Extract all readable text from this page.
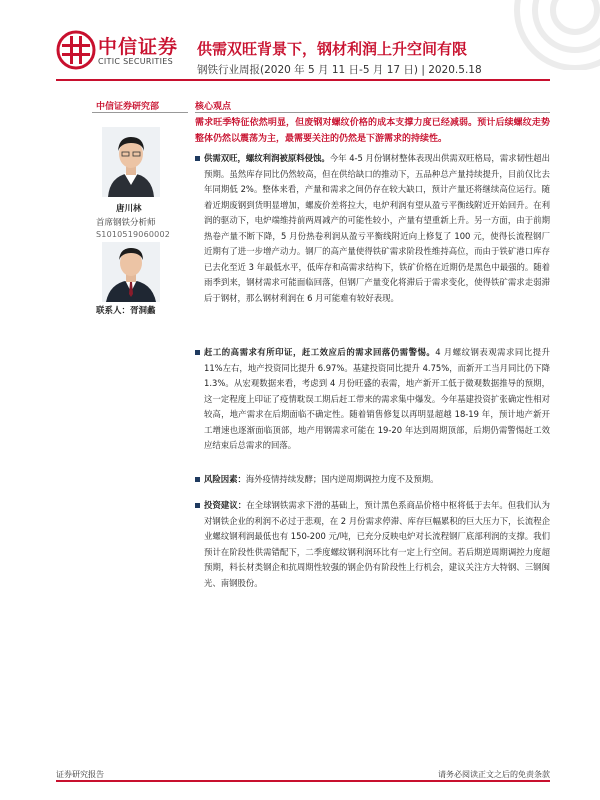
中信证券
CITIC SECURITIES
供需双旺背景下，钢材利润上升空间有限
钢铁行业周报(2020 年 5 月 11 日-5 月 17 日) | 2020.5.18
中信证券研究部
唐川林
首席钢铁分析师
S1010519060002
联系人：胥洞蠡
核心观点
需求旺季特征依然明显，但废钢对螺纹价格的成本支撑力度已经减弱。预计后续螺纹走势整体仍然以震荡为主，最需要关注的仍然是下游需求的持续性。
供需双旺，螺纹利润被原料侵蚀。今年 4-5 月份钢材整体表现出供需双旺格局，需求韧性超出预期。虽然库存同比仍然较高，但在供给缺口的推动下，五品种总产量持续提升，目前仅比去年同期低 2%。整体来看，产量和需求之间仍存在较大缺口，预计产量还将继续高位运行。随着近期废钢到货明显增加，螺废价差将拉大，电炉利润有望从盈亏平衡线附近开始回升。在利润的驱动下，电炉端维持前两周减产的可能性较小，产量有望重新上升。另一方面，由于前期热卷产量不断下降，5 月份热卷利润从盈亏平衡线附近向上修复了 100 元，使得长流程钢厂近期有了进一步增产动力。钢厂的高产量使得铁矿需求阶段性维持高位，而由于铁矿港口库存已去化至近 3 年最低水平，低库存和高需求结构下，铁矿价格在近期仍是黑色中最强的。随着雨季到来，钢材需求可能面临回落，但钢厂产量变化将滞后于需求变化，使得铁矿需求走弱滞后于钢材，那么钢材利润在 6 月可能难有较好表现。
赶工的高需求有所印证，赶工效应后的需求回落仍需警惕。4 月螺纹钢表观需求同比提升 11%左右，地产投资同比提升 6.97%。基建投资同比提升 4.75%，而新开工当月同比仍下降 1.3%。从宏观数据来看，考虑到 4 月份旺盛的表需，地产新开工低于微观数据推导的预期，这一定程度上印证了疫情耽误工期后赶工带来的需求集中爆发。今年基建投资扩张确定性相对较高，地产需求在后期面临不确定性。随着销售修复以再明显超越 18-19 年，预计地产新开工增速也逐渐面临顶部，地产用钢需求可能在 19-20 年达到周期顶部，后期仍需警惕赶工效应结束后总需求的回落。
风险因素：海外疫情持续发酵；国内逆周期调控力度不及预期。
投资建议：在全球钢铁需求下滑的基础上，预计黑色系商品价格中枢将低于去年。但我们认为对钢铁企业的利润不必过于悲观，在 2 月份需求停滞、库存巨幅累积的巨大压力下，长流程企业螺纹钢利润最低也有 150-200 元/吨，已充分反映电炉对长流程钢厂底部利润的支撑。我们预计在阶段性供需错配下，二季度螺纹钢利润环比有一定上行空间。若后期逆周期调控力度超预期，料长材类钢企和抗周期性较强的钢企仍有阶段性上行机会，建议关注方大特钢、三钢闽光、南钢股份。
证券研究报告	请务必阅读正文之后的免责条款
